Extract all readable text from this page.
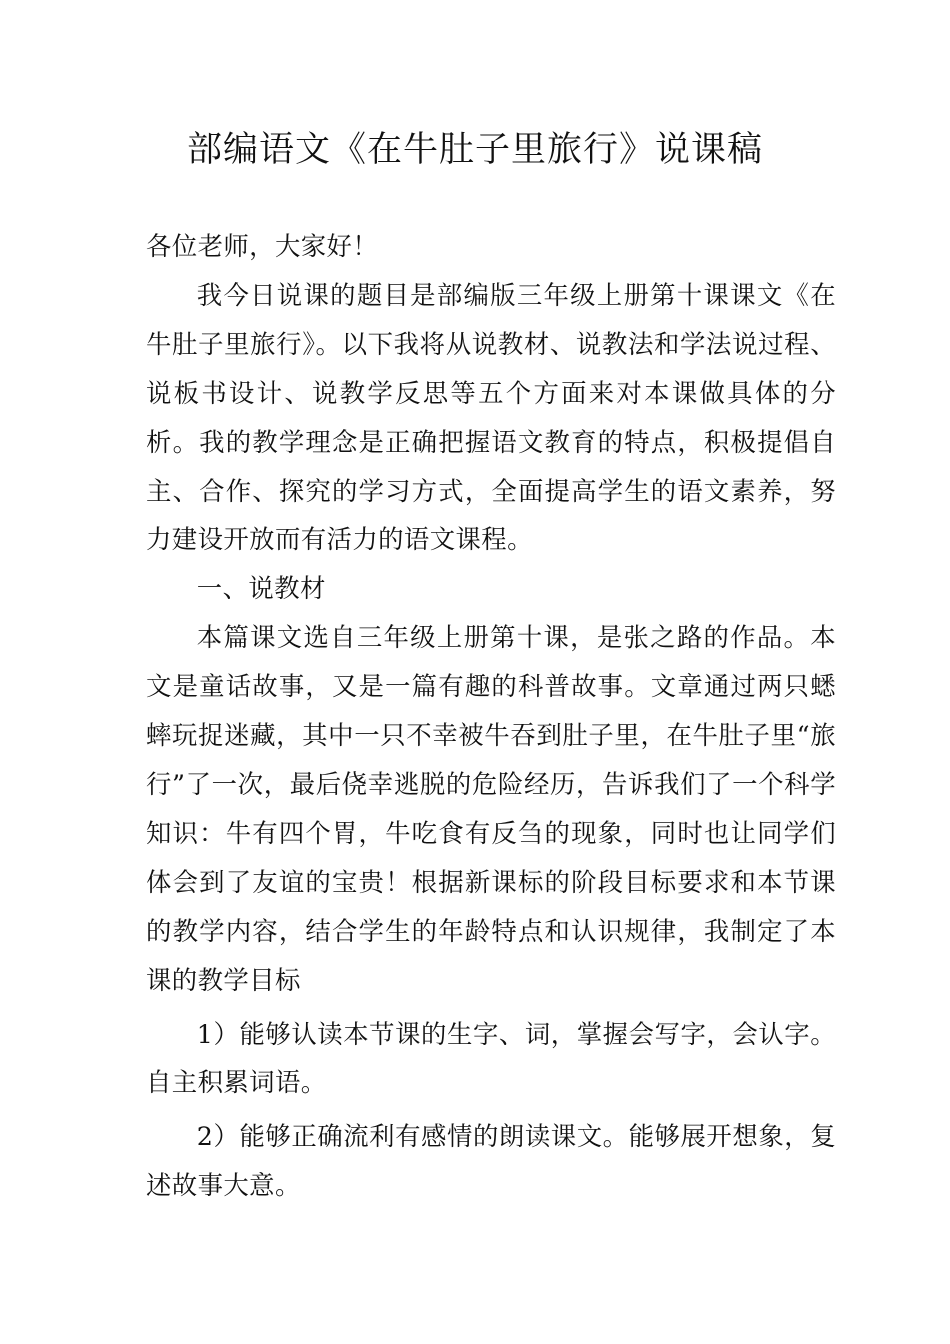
部编语文《在牛肚子里旅行》说课稿

各位老师，大家好！

我今日说课的题目是部编版三年级上册第十课课文《在牛肚子里旅行》。以下我将从说教材、说教法和学法说过程、说板书设计、说教学反思等五个方面来对本课做具体的分析。我的教学理念是正确把握语文教育的特点，积极提倡自主、合作、探究的学习方式，全面提高学生的语文素养，努力建设开放而有活力的语文课程。

一、说教材

本篇课文选自三年级上册第十课，是张之路的作品。本文是童话故事，又是一篇有趣的科普故事。文章通过两只蟋蟀玩捉迷藏，其中一只不幸被牛吞到肚子里，在牛肚子里“旅行”了一次，最后侥幸逃脱的危险经历，告诉我们了一个科学知识：牛有四个胃，牛吃食有反刍的现象，同时也让同学们体会到了友谊的宝贵！根据新课标的阶段目标要求和本节课的教学内容，结合学生的年龄特点和认识规律，我制定了本课的教学目标

1）能够认读本节课的生字、词，掌握会写字，会认字。自主积累词语。

2）能够正确流利有感情的朗读课文。能够展开想象，复述故事大意。
